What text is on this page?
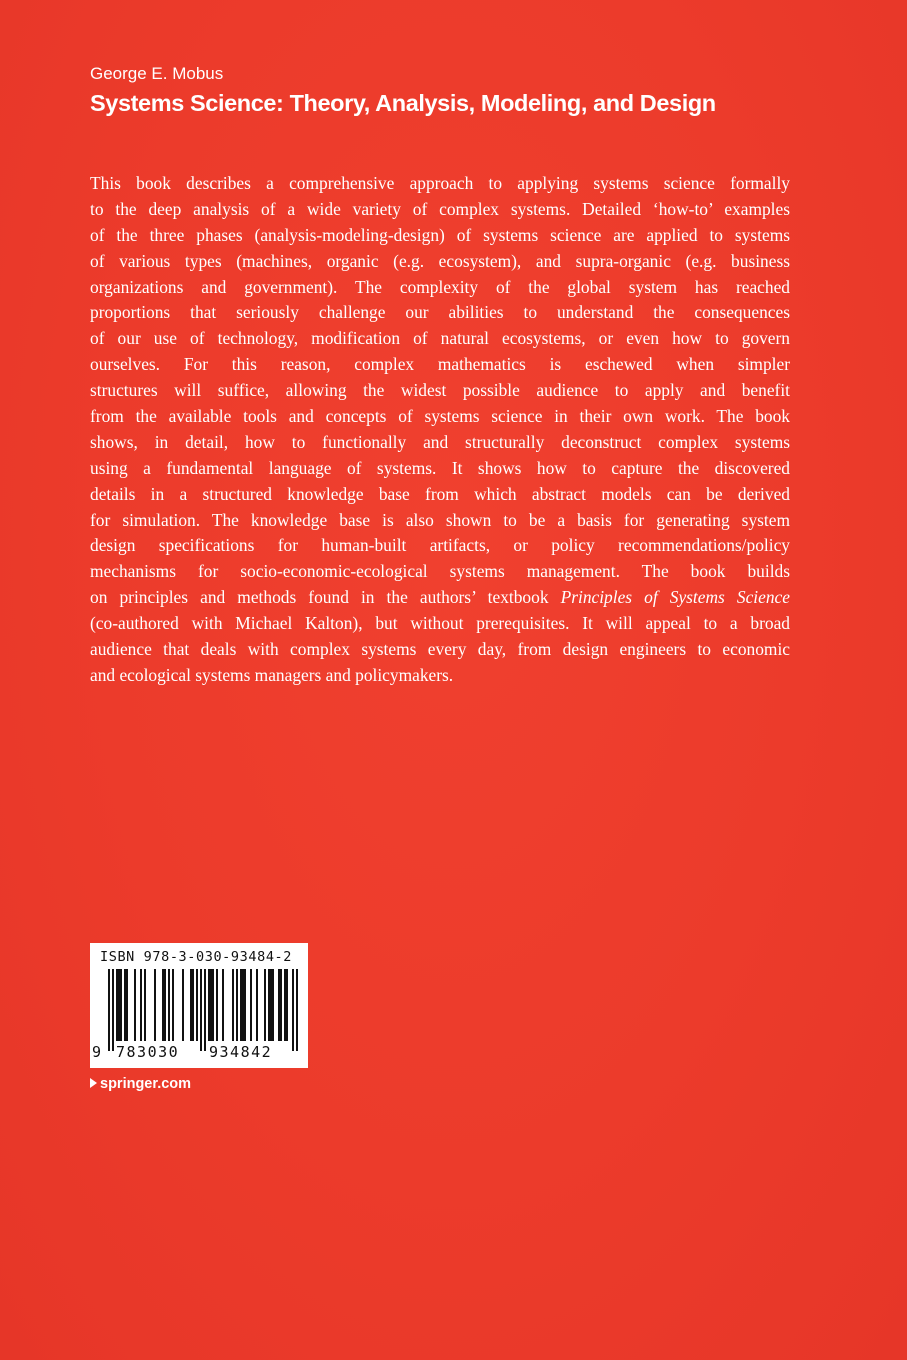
George E. Mobus
Systems Science: Theory, Analysis, Modeling, and Design
This book describes a comprehensive approach to applying systems science formally
to the deep analysis of a wide variety of complex systems. Detailed ‘how-to’ examples
of the three phases (analysis-modeling-design) of systems science are applied to systems
of various types (machines, organic (e.g. ecosystem), and supra-organic (e.g. business
organizations and government). The complexity of the global system has reached
proportions that seriously challenge our abilities to understand the consequences
of our use of technology, modification of natural ecosystems, or even how to govern
ourselves. For this reason, complex mathematics is eschewed when simpler
structures will suffice, allowing the widest possible audience to apply and benefit
from the available tools and concepts of systems science in their own work. The book
shows, in detail, how to functionally and structurally deconstruct complex systems
using a fundamental language of systems. It shows how to capture the discovered
details in a structured knowledge base from which abstract models can be derived
for simulation. The knowledge base is also shown to be a basis for generating system
design specifications for human-built artifacts, or policy recommendations/policy
mechanisms for socio-economic-ecological systems management. The book builds
on principles and methods found in the authors’ textbook Principles of Systems Science
(co-authored with Michael Kalton), but without prerequisites. It will appeal to a broad
audience that deals with complex systems every day, from design engineers to economic
and ecological systems managers and policymakers.
ISBN 978-3-030-93484-2
9 783030 934842
springer.com
